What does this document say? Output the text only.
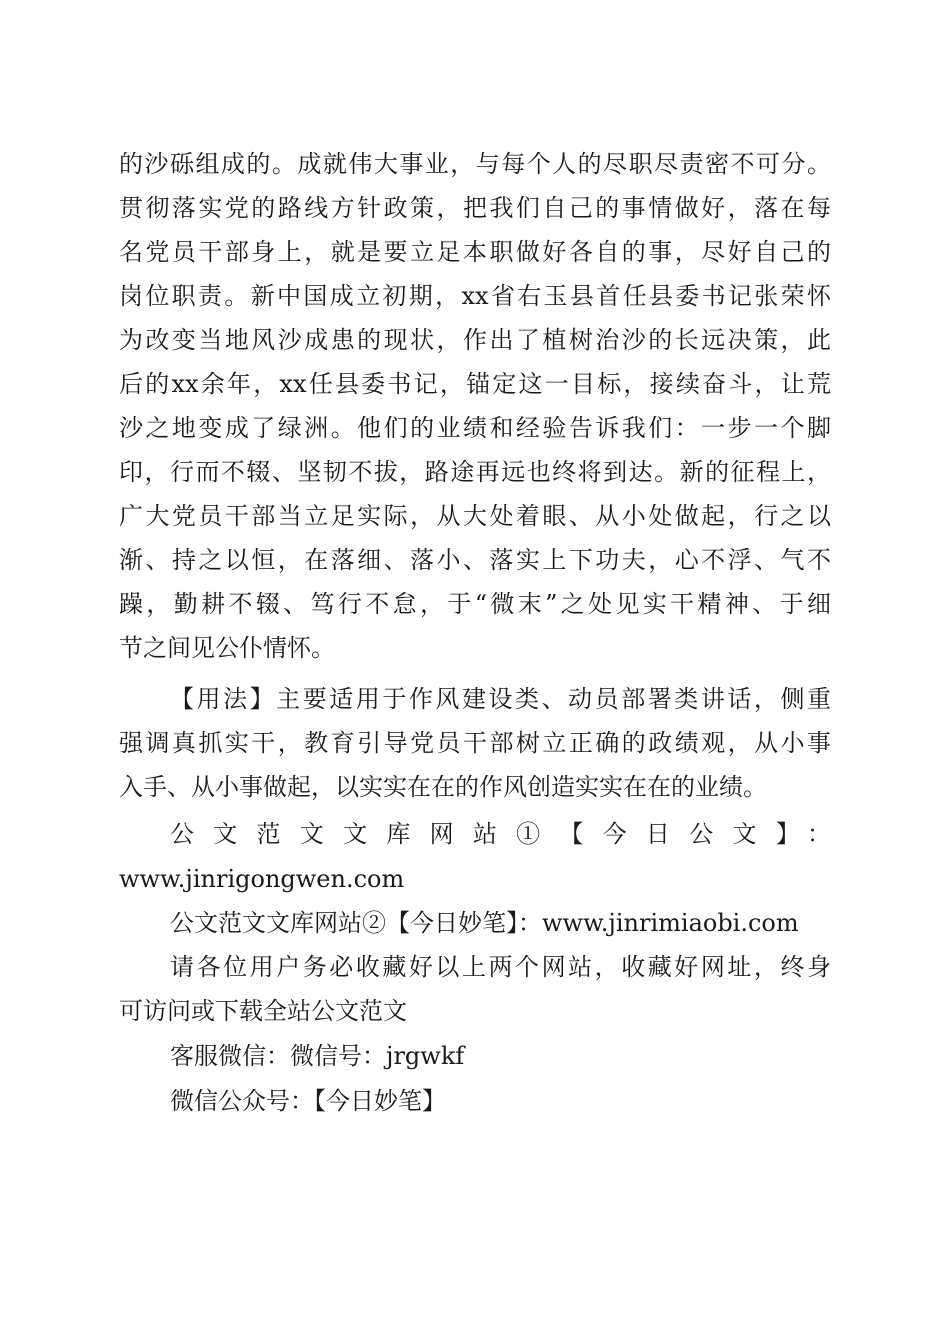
的沙砾组成的。成就伟大事业，与每个人的尽职尽责密不可分。
贯彻落实党的路线方针政策，把我们自己的事情做好，落在每
名党员干部身上，就是要立足本职做好各自的事，尽好自己的
岗位职责。新中国成立初期，xx省右玉县首任县委书记张荣怀
为改变当地风沙成患的现状，作出了植树治沙的长远决策，此
后的xx余年，xx任县委书记，锚定这一目标，接续奋斗，让荒
沙之地变成了绿洲。他们的业绩和经验告诉我们：一步一个脚
印，行而不辍、坚韧不拔，路途再远也终将到达。新的征程上，
广大党员干部当立足实际，从大处着眼、从小处做起，行之以
渐、持之以恒，在落细、落小、落实上下功夫，心不浮、气不
躁，勤耕不辍、笃行不怠，于“微末”之处见实干精神、于细
节之间见公仆情怀。
【用法】主要适用于作风建设类、动员部署类讲话，侧重
强调真抓实干，教育引导党员干部树立正确的政绩观，从小事
入手、从小事做起，以实实在在的作风创造实实在在的业绩。
公文范文文库网站①【今日公文】：
www.jinrigongwen.com
公文范文文库网站②【今日妙笔】：www.jinrimiaobi.com
请各位用户务必收藏好以上两个网站，收藏好网址，终身
可访问或下载全站公文范文
客服微信：微信号：jrgwkf
微信公众号：【今日妙笔】
